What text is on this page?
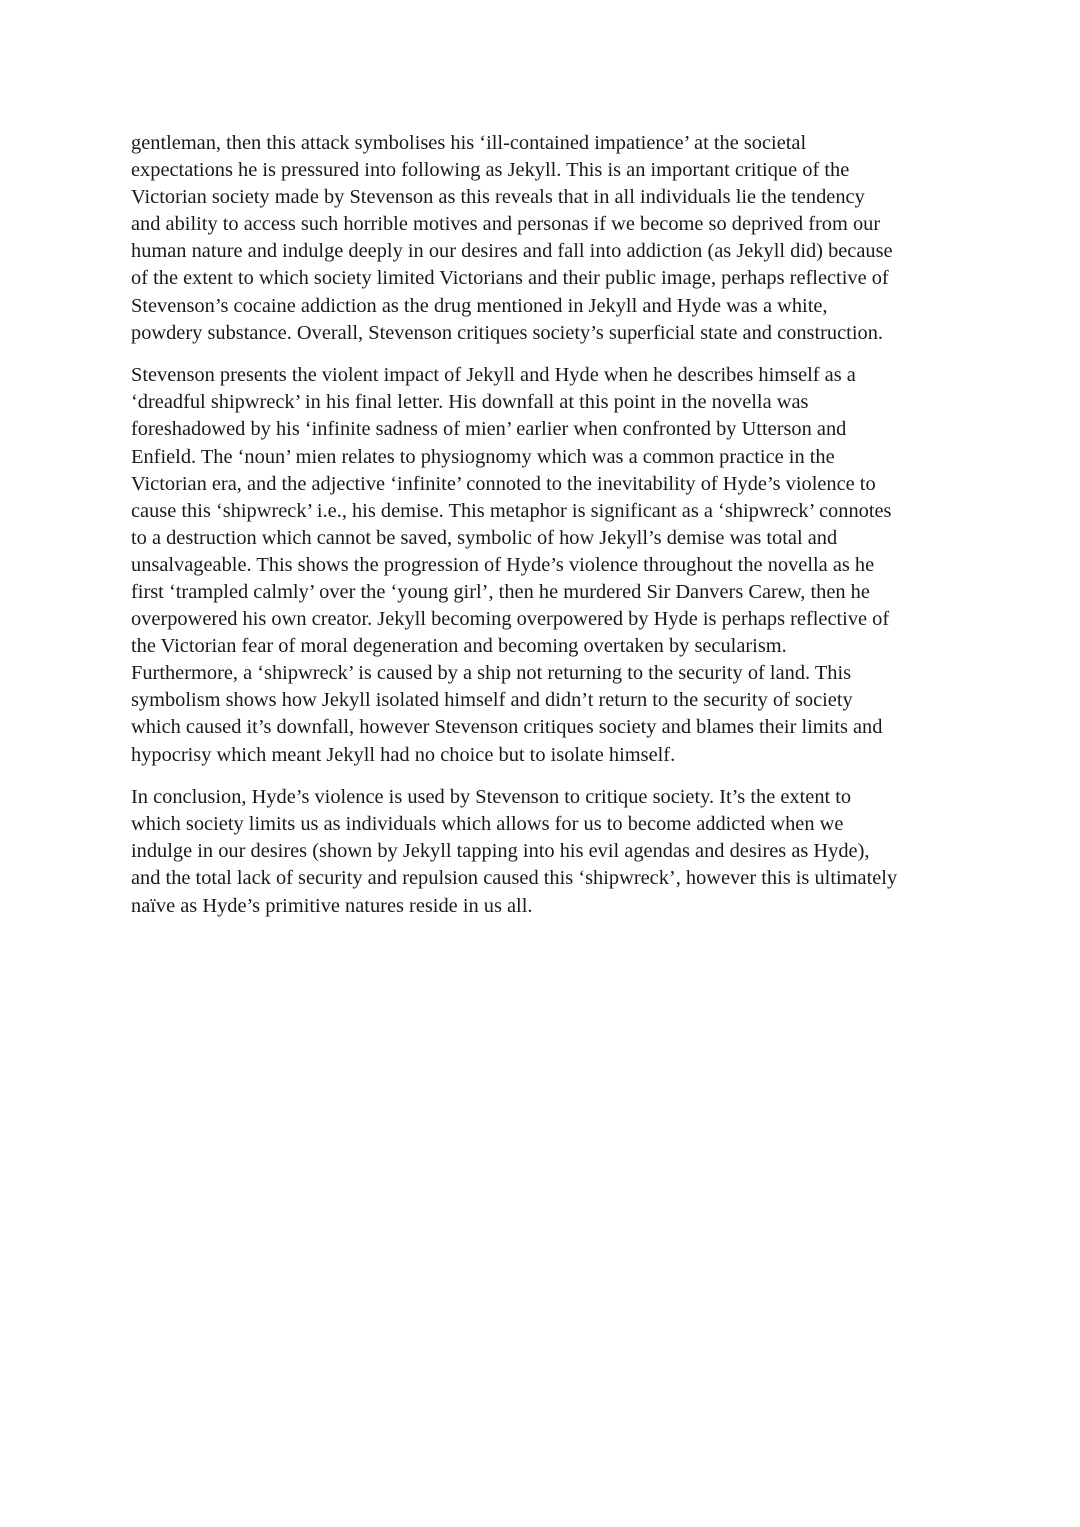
gentleman, then this attack symbolises his ‘ill-contained impatience’ at the societal
expectations he is pressured into following as Jekyll. This is an important critique of the
Victorian society made by Stevenson as this reveals that in all individuals lie the tendency
and ability to access such horrible motives and personas if we become so deprived from our
human nature and indulge deeply in our desires and fall into addiction (as Jekyll did) because
of the extent to which society limited Victorians and their public image, perhaps reflective of
Stevenson’s cocaine addiction as the drug mentioned in Jekyll and Hyde was a white,
powdery substance. Overall, Stevenson critiques society’s superficial state and construction.

Stevenson presents the violent impact of Jekyll and Hyde when he describes himself as a
‘dreadful shipwreck’ in his final letter. His downfall at this point in the novella was
foreshadowed by his ‘infinite sadness of mien’ earlier when confronted by Utterson and
Enfield. The ‘noun’ mien relates to physiognomy which was a common practice in the
Victorian era, and the adjective ‘infinite’ connoted to the inevitability of Hyde’s violence to
cause this ‘shipwreck’ i.e., his demise. This metaphor is significant as a ‘shipwreck’ connotes
to a destruction which cannot be saved, symbolic of how Jekyll’s demise was total and
unsalvageable. This shows the progression of Hyde’s violence throughout the novella as he
first ‘trampled calmly’ over the ‘young girl’, then he murdered Sir Danvers Carew, then he
overpowered his own creator. Jekyll becoming overpowered by Hyde is perhaps reflective of
the Victorian fear of moral degeneration and becoming overtaken by secularism.
Furthermore, a ‘shipwreck’ is caused by a ship not returning to the security of land. This
symbolism shows how Jekyll isolated himself and didn’t return to the security of society
which caused it’s downfall, however Stevenson critiques society and blames their limits and
hypocrisy which meant Jekyll had no choice but to isolate himself.

In conclusion, Hyde’s violence is used by Stevenson to critique society. It’s the extent to
which society limits us as individuals which allows for us to become addicted when we
indulge in our desires (shown by Jekyll tapping into his evil agendas and desires as Hyde),
and the total lack of security and repulsion caused this ‘shipwreck’, however this is ultimately
naïve as Hyde’s primitive natures reside in us all.
